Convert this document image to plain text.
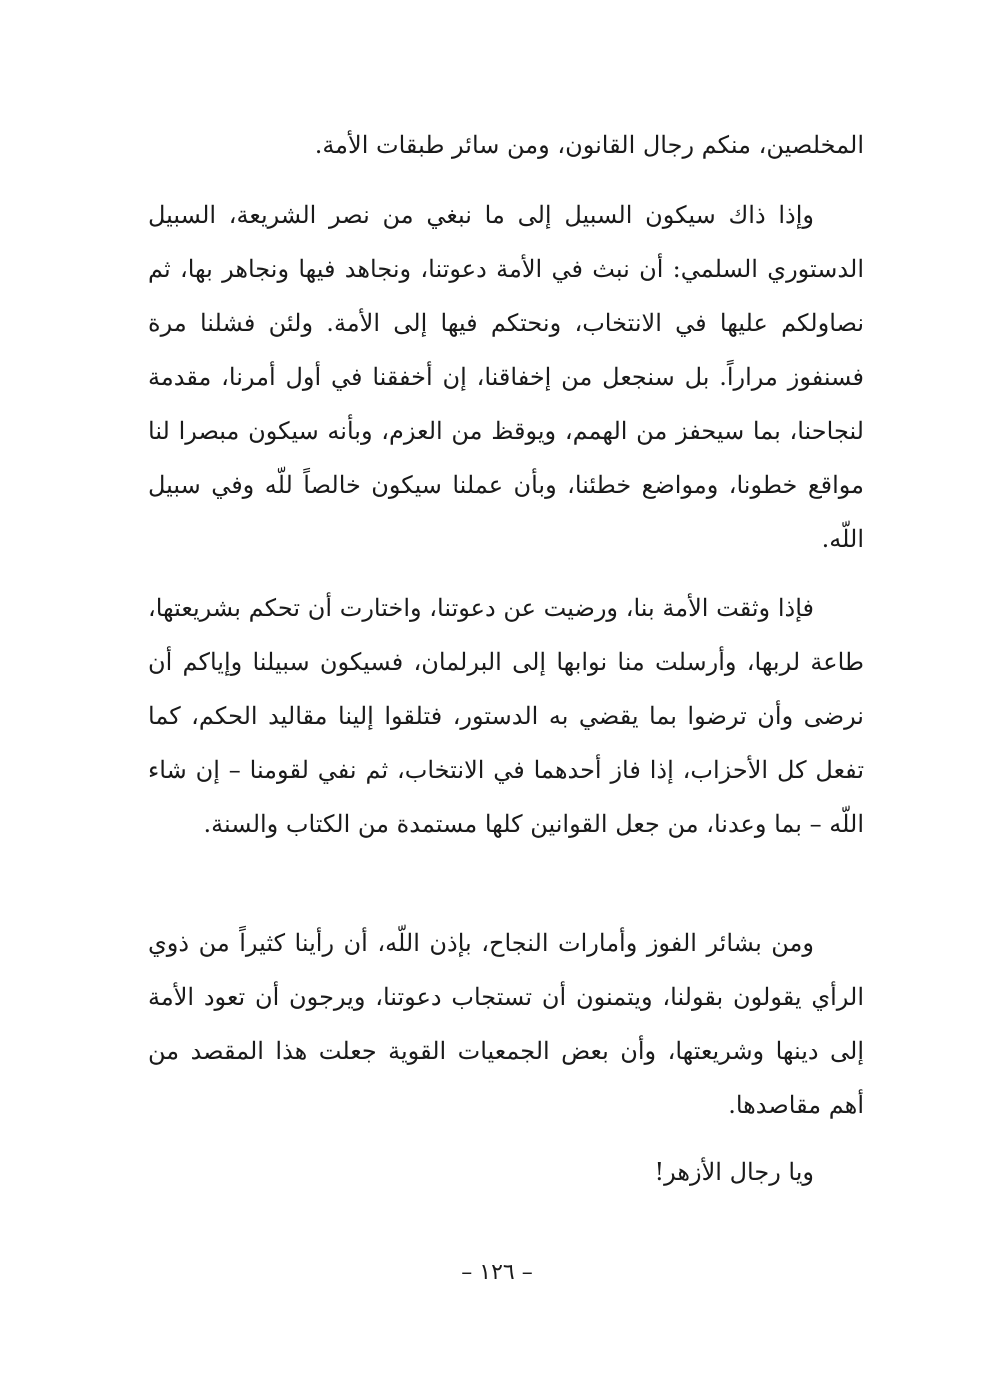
المخلصين، منكم رجال القانون، ومن سائر طبقات الأمة.

وإذا ذاك سيكون السبيل إلى ما نبغي من نصر الشريعة، السبيل الدستوري السلمي: أن نبث في الأمة دعوتنا، ونجاهد فيها ونجاهر بها، ثم نصاولكم عليها في الانتخاب، ونحتكم فيها إلى الأمة. ولئن فشلنا مرة فسنفوز مراراً. بل سنجعل من إخفاقنا، إن أخفقنا في أول أمرنا، مقدمة لنجاحنا، بما سيحفز من الهمم، ويوقظ من العزم، وبأنه سيكون مبصرا لنا مواقع خطونا، ومواضع خطئنا، وبأن عملنا سيكون خالصاً للّه وفي سبيل اللّه.

فإذا وثقت الأمة بنا، ورضيت عن دعوتنا، واختارت أن تحكم بشريعتها، طاعة لربها، وأرسلت منا نوابها إلى البرلمان، فسيكون سبيلنا وإياكم أن نرضى وأن ترضوا بما يقضي به الدستور، فتلقوا إلينا مقاليد الحكم، كما تفعل كل الأحزاب، إذا فاز أحدهما في الانتخاب، ثم نفي لقومنا – إن شاء اللّه – بما وعدنا، من جعل القوانين كلها مستمدة من الكتاب والسنة.

ومن بشائر الفوز وأمارات النجاح، بإذن اللّه، أن رأينا كثيراً من ذوي الرأي يقولون بقولنا، ويتمنون أن تستجاب دعوتنا، ويرجون أن تعود الأمة إلى دينها وشريعتها، وأن بعض الجمعيات القوية جعلت هذا المقصد من أهم مقاصدها.

ويا رجال الأزهر!

– ١٢٦ –
